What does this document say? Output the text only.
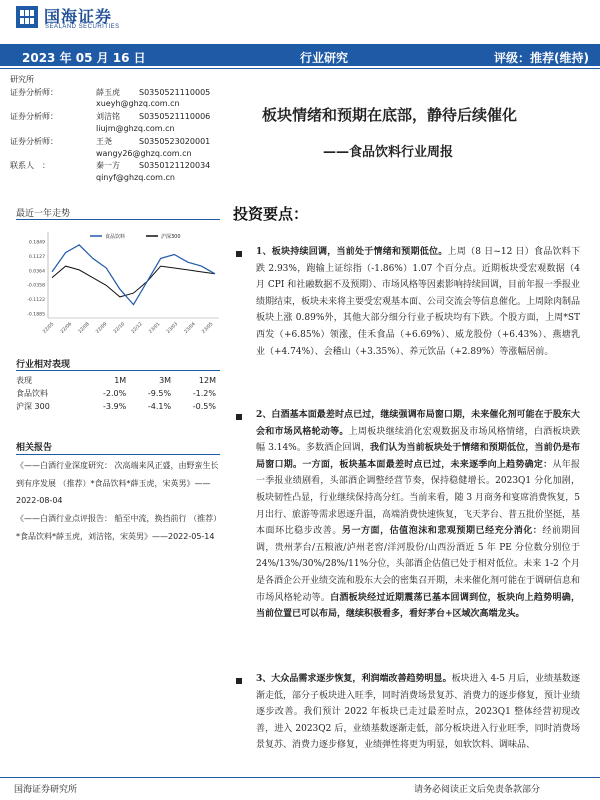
国海证券
SEALAND SECURITIES
2023 年 05 月 16 日	行业研究	评级：推荐(维持)
研究所
证券分析师：	薛玉虎 S0350521110005
xueyh@ghzq.com.cn
证券分析师：	刘洁铭 S0350521110006
liujm@ghzq.com.cn
证券分析师：	王尧	S0350523020001
wangy26@ghzq.com.cn
联系人　：	秦一方 S0350121120034
qinyf@ghzq.com.cn
板块情绪和预期在底部，静待后续催化
——食品饮料行业周报
最近一年走势
0.1849
0.1127
0.0364
-0.0358
-0.1122
-0.1885
22/05 22/06 22/08 22/09 22/10 22/12 23/01 23/03 23/04 23/05
食品饮料	沪深300
行业相对表现
表现	1M	3M	12M
食品饮料	-2.0%	-9.5%	-1.2%
沪深 300	-3.9%	-4.1%	-0.5%
相关报告
《——白酒行业深度研究： 次高端来风正盛，由野蛮生长到有序发展 （推荐）*食品饮料*薛玉虎，宋英男》——2022-08-04
《——白酒行业点评报告： 船至中流，换挡前行 （推荐）*食品饮料*薛玉虎，刘洁铭，宋英男》——2022-05-14
投资要点：
1、板块持续回调，当前处于情绪和预期低位。上周（8 日~12 日）食品饮料下跌 2.93%，跑输上证综指（-1.86%）1.07 个百分点。近期板块受宏观数据（4 月 CPI 和社融数据不及预期）、市场风格等因素影响持续回调，目前年报一季报业绩期结束，板块未来将主要受宏观基本面、公司交流会等信息催化。上周除肉制品板块上涨 0.89%外，其他大部分细分行业子板块均有下跌。个股方面，上周*ST 西发（+6.85%）领涨，佳禾食品（+6.69%）、威龙股份（+6.43%）、燕塘乳业（+4.74%）、会稽山（+3.35%）、养元饮品（+2.89%）等涨幅居前。
2、白酒基本面最差时点已过，继续强调布局窗口期，未来催化剂可能在于股东大会和市场风格轮动等。上周板块继续消化宏观数据及市场风格情绪，白酒板块跌幅 3.14%。多数酒企回调，我们认为当前板块处于情绪和预期低位，当前仍是布局窗口期。一方面，板块基本面最差时点已过，未来逐季向上趋势确定：从年报一季报业绩剧看，头部酒企调整经营节奏，保持稳健增长。2023Q1 分化加剧，板块韧性凸显，行业继续保持高分红。当前来看，随 3 月商务和宴席消费恢复，5 月出行、旅游等需求恩逐升温，高端消费快速恢复，飞天茅台、普五批价坚挺，基本面环比稳步改善。另一方面，估值泡沫和悲观预期已经充分消化：经前期回调，贵州茅台/五粮液/泸州老窖/洋河股份/山西汾酒近 5 年 PE 分位数分别位于 24%/13%/30%/28%/11%分位，头部酒企估值已处于相对低位。未来 1-2 个月是各酒企公开业绩交流和股东大会的密集召开期，未来催化剂可能在于调研信息和市场风格轮动等。白酒板块经过近期震荡已基本回调到位，板块向上趋势明确，当前位置已可以布局，继续积极看多，看好茅台+区域次高端龙头。
3、大众品需求逐步恢复，利润端改善趋势明显。板块进入 4-5 月后，业绩基数逐渐走低，部分子板块进入旺季，同时消费场景复苏、消费力的逐步修复，预计业绩逐步改善。我们预计 2022 年板块已走过最差时点，2023Q1 整体经营初现改善，进入 2023Q2 后，业绩基数逐渐走低，部分板块进入行业旺季，同时消费场景复苏、消费力逐步修复，业绩弹性将更为明显，如软饮料、调味品、
国海证券研究所	请务必阅读正文后免责条款部分
